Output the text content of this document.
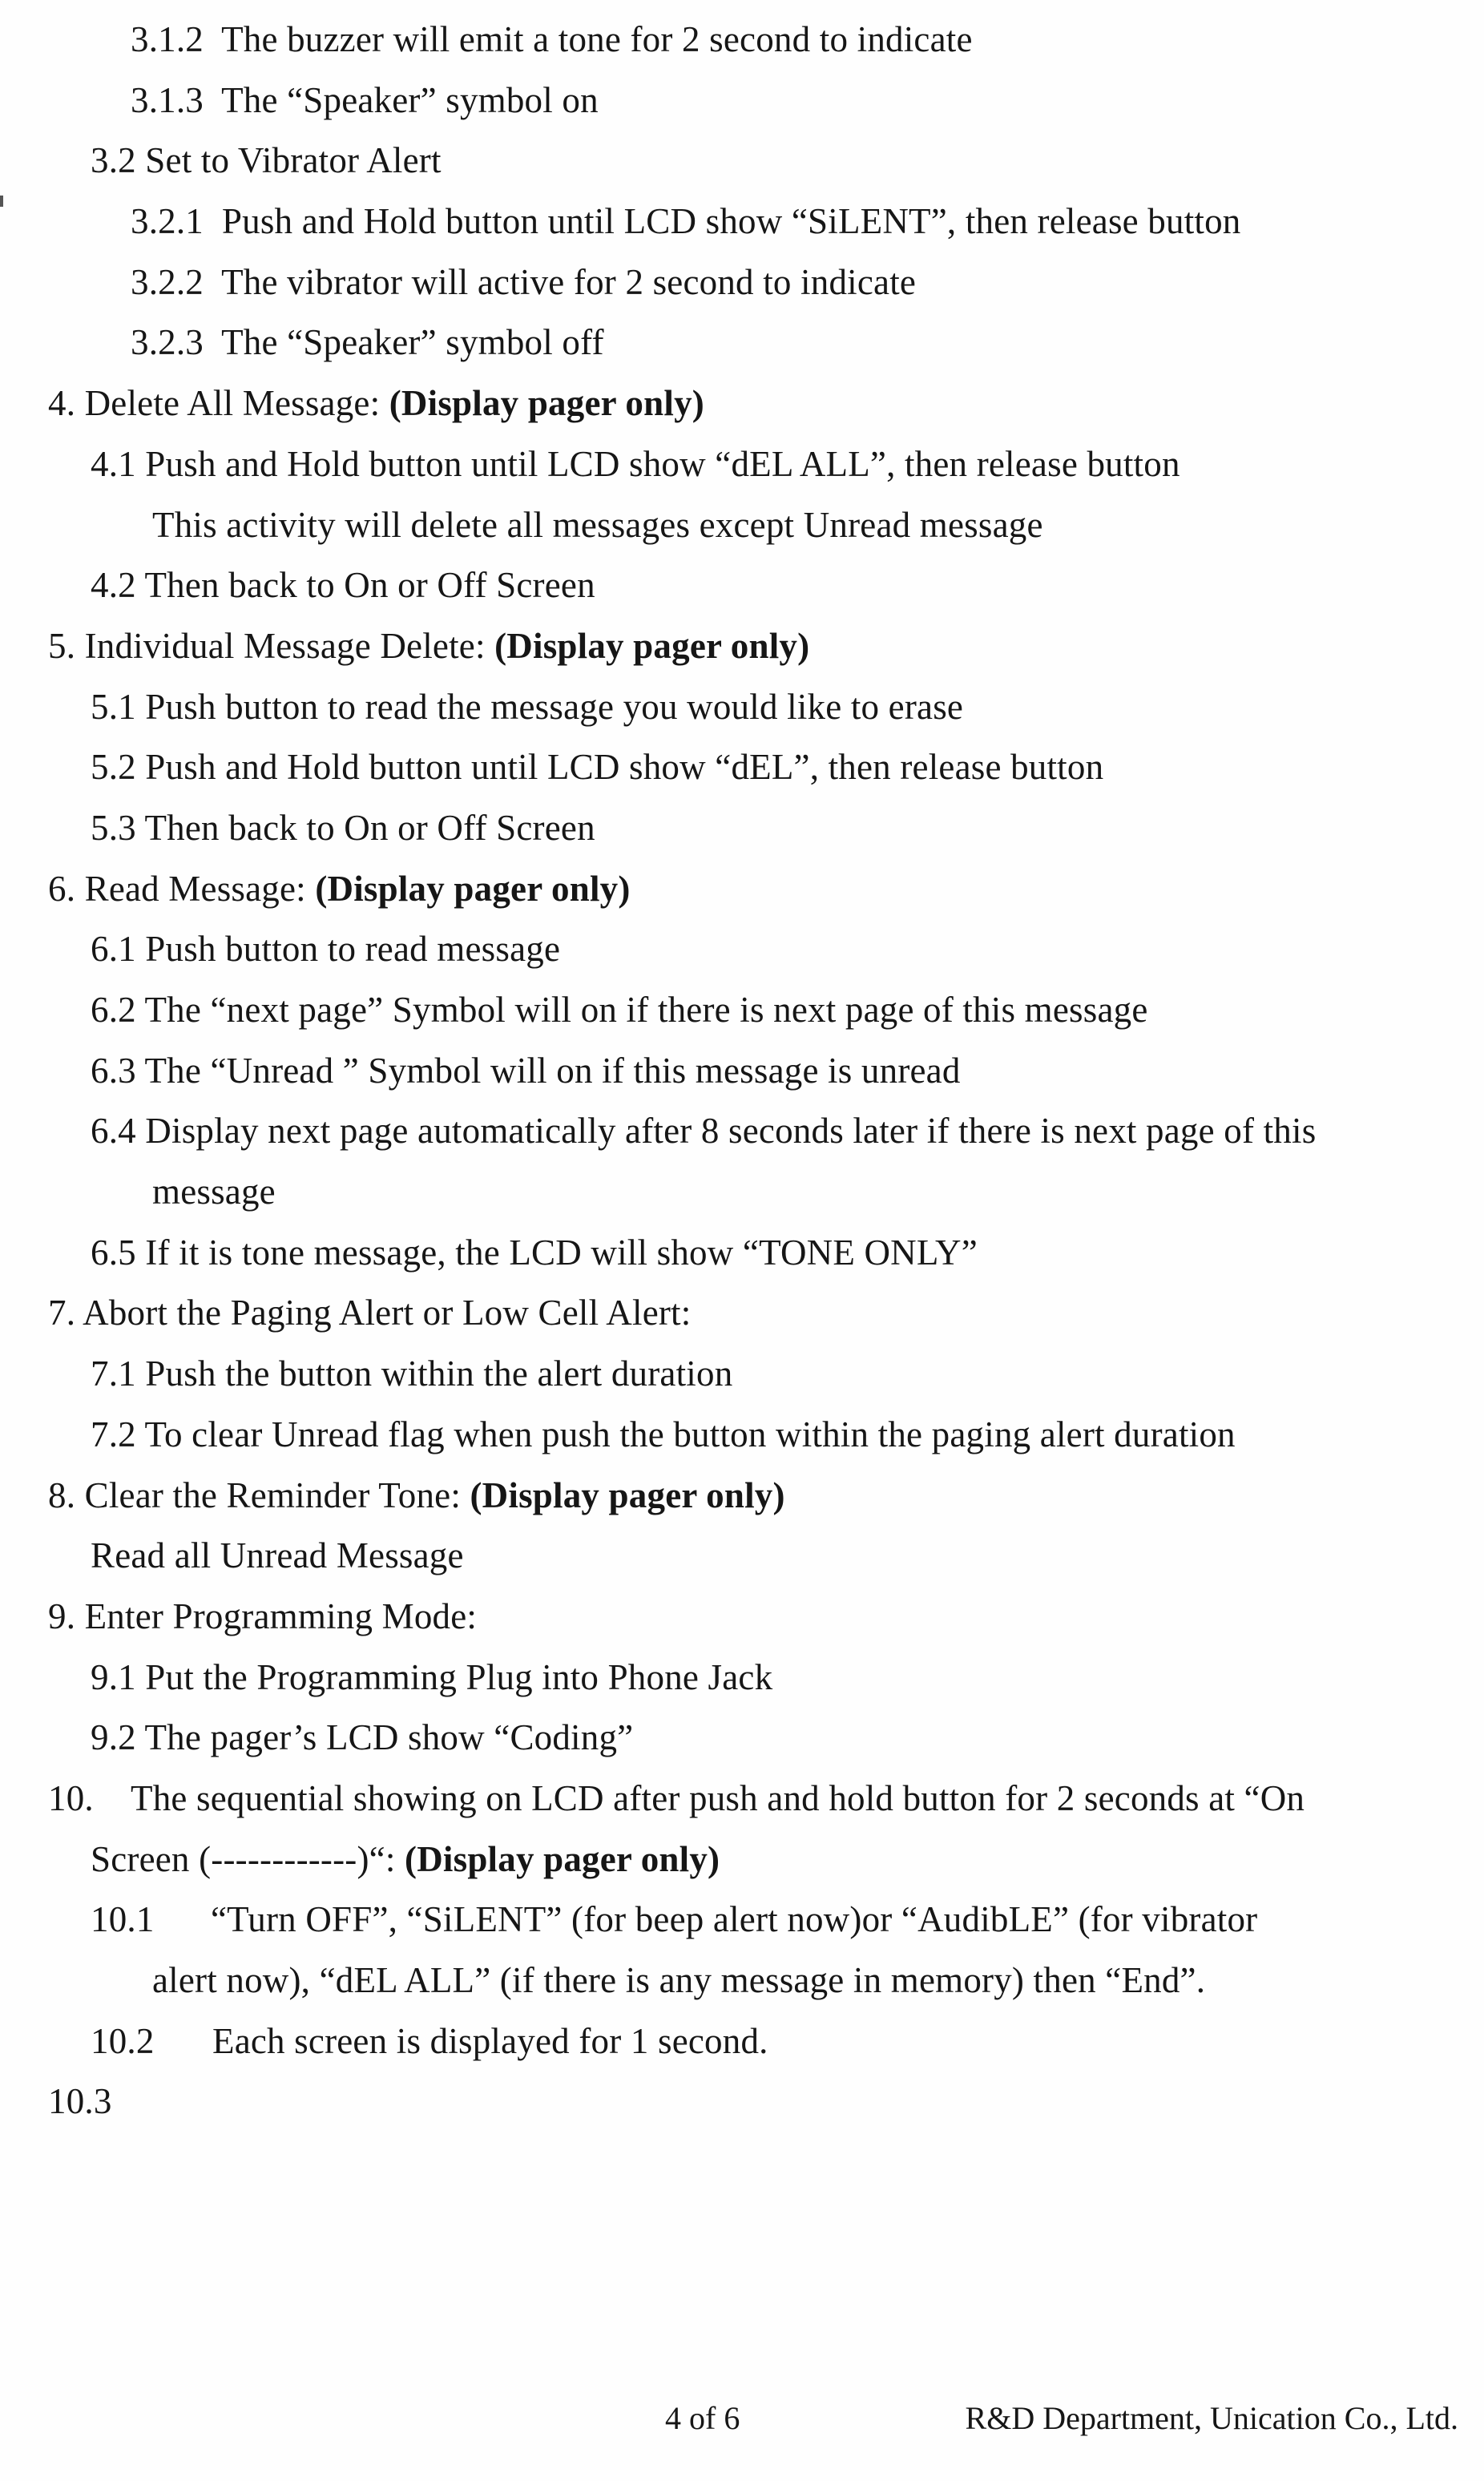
3.1.2  The buzzer will emit a tone for 2 second to indicate
3.1.3  The “Speaker” symbol on
3.2 Set to Vibrator Alert
3.2.1  Push and Hold button until LCD show “SiLENT”, then release button
3.2.2  The vibrator will active for 2 second to indicate
3.2.3  The “Speaker” symbol off
4. Delete All Message: (Display pager only)
4.1 Push and Hold button until LCD show “dEL ALL”, then release button
This activity will delete all messages except Unread message
4.2 Then back to On or Off Screen
5. Individual Message Delete: (Display pager only)
5.1 Push button to read the message you would like to erase
5.2 Push and Hold button until LCD show “dEL”, then release button
5.3 Then back to On or Off Screen
6. Read Message: (Display pager only)
6.1 Push button to read message
6.2 The “next page” Symbol will on if there is next page of this message
6.3 The “Unread ” Symbol will on if this message is unread
6.4 Display next page automatically after 8 seconds later if there is next page of this
message
6.5 If it is tone message, the LCD will show “TONE ONLY”
7. Abort the Paging Alert or Low Cell Alert:
7.1 Push the button within the alert duration
7.2 To clear Unread flag when push the button within the paging alert duration
8. Clear the Reminder Tone: (Display pager only)
Read all Unread Message
9. Enter Programming Mode:
9.1 Put the Programming Plug into Phone Jack
9.2 The pager’s LCD show “Coding”
10. The sequential showing on LCD after push and hold button for 2 seconds at “On
Screen (------------)“: (Display pager only)
10.1 “Turn OFF”, “SiLENT” (for beep alert now)or “AudibLE” (for vibrator
alert now), “dEL ALL” (if there is any message in memory) then “End”.
10.2 Each screen is displayed for 1 second.
10.3
4 of 6	R&D Department, Unication Co., Ltd.
